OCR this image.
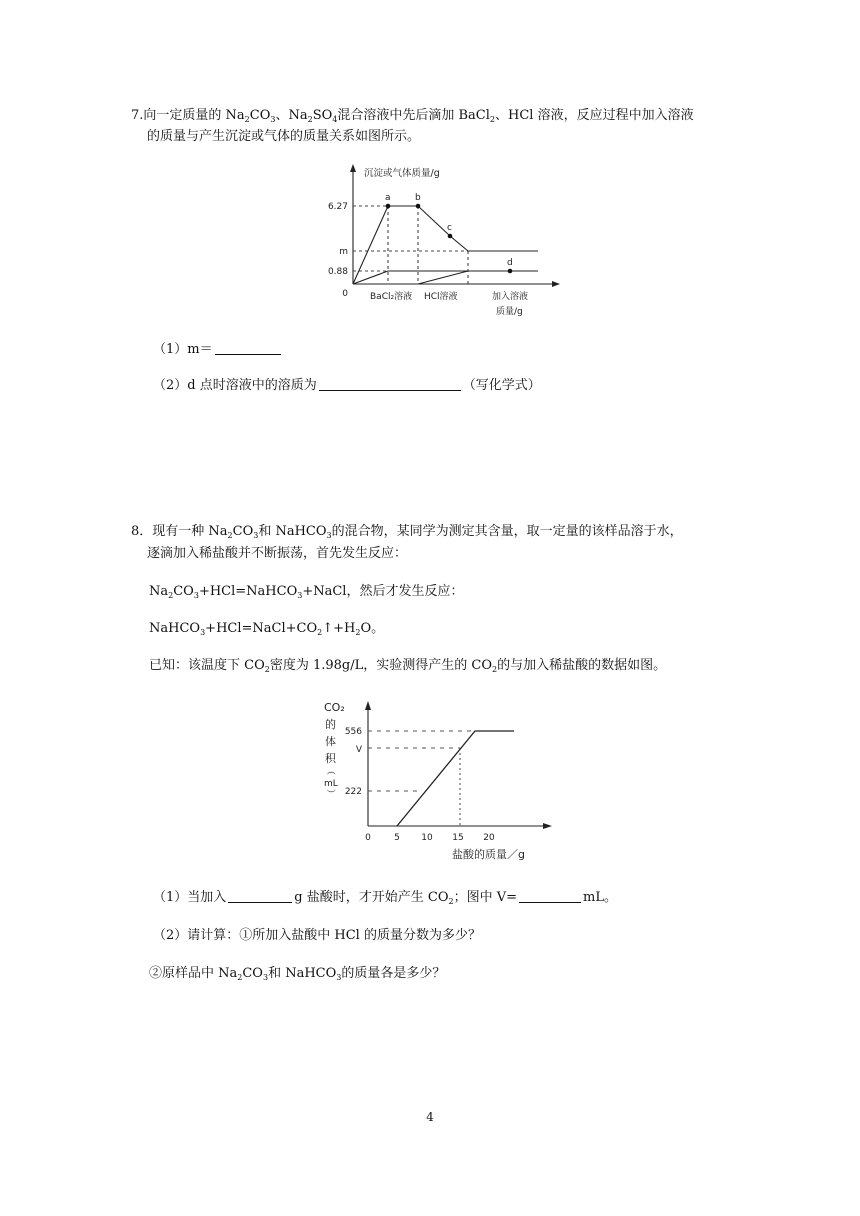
7.向一定质量的 $Na_2CO_3$、$Na_2SO_4$混合溶液中先后滴加 BaCl$_2$、HCl 溶液，反应过程中加入溶液
的质量与产生沉淀或气体的质量关系如图所示。
沉淀或气体质量/g
6.27
m
0.88
0
a	b
c
d
BaCl₂溶液 HCl溶液	加入溶液
质量/g
（1）m＝
（2）d 点时溶液中的溶质为	（写化学式）
8．现有一种 $Na_2CO_3$和 NaHCO$_3$的混合物，某同学为测定其含量，取一定量的该样品溶于水，
逐滴加入稀盐酸并不断振荡，首先发生反应：
$Na_2CO_3+HCl=NaHCO_3+NaCl$，然后才发生反应：
$NaHCO_3+HCl=NaCl+CO_2↑+H_2O$。
已知：该温度下 $CO_2$密度为 1.98g/L，实验测得产生的 $CO_2$的与加入稀盐酸的数据如图。
CO₂
的
体
积
（
mL
）
556
V
222
0	5 10 15 20
盐酸的质量／g
（1）当加入	g 盐酸时，才开始产生 $CO_2$；图中 V=	mL。
（2）请计算：①所加入盐酸中 HCl 的质量分数为多少？
②原样品中 $Na_2CO_3$和 NaHCO$_3$的质量各是多少？
4
